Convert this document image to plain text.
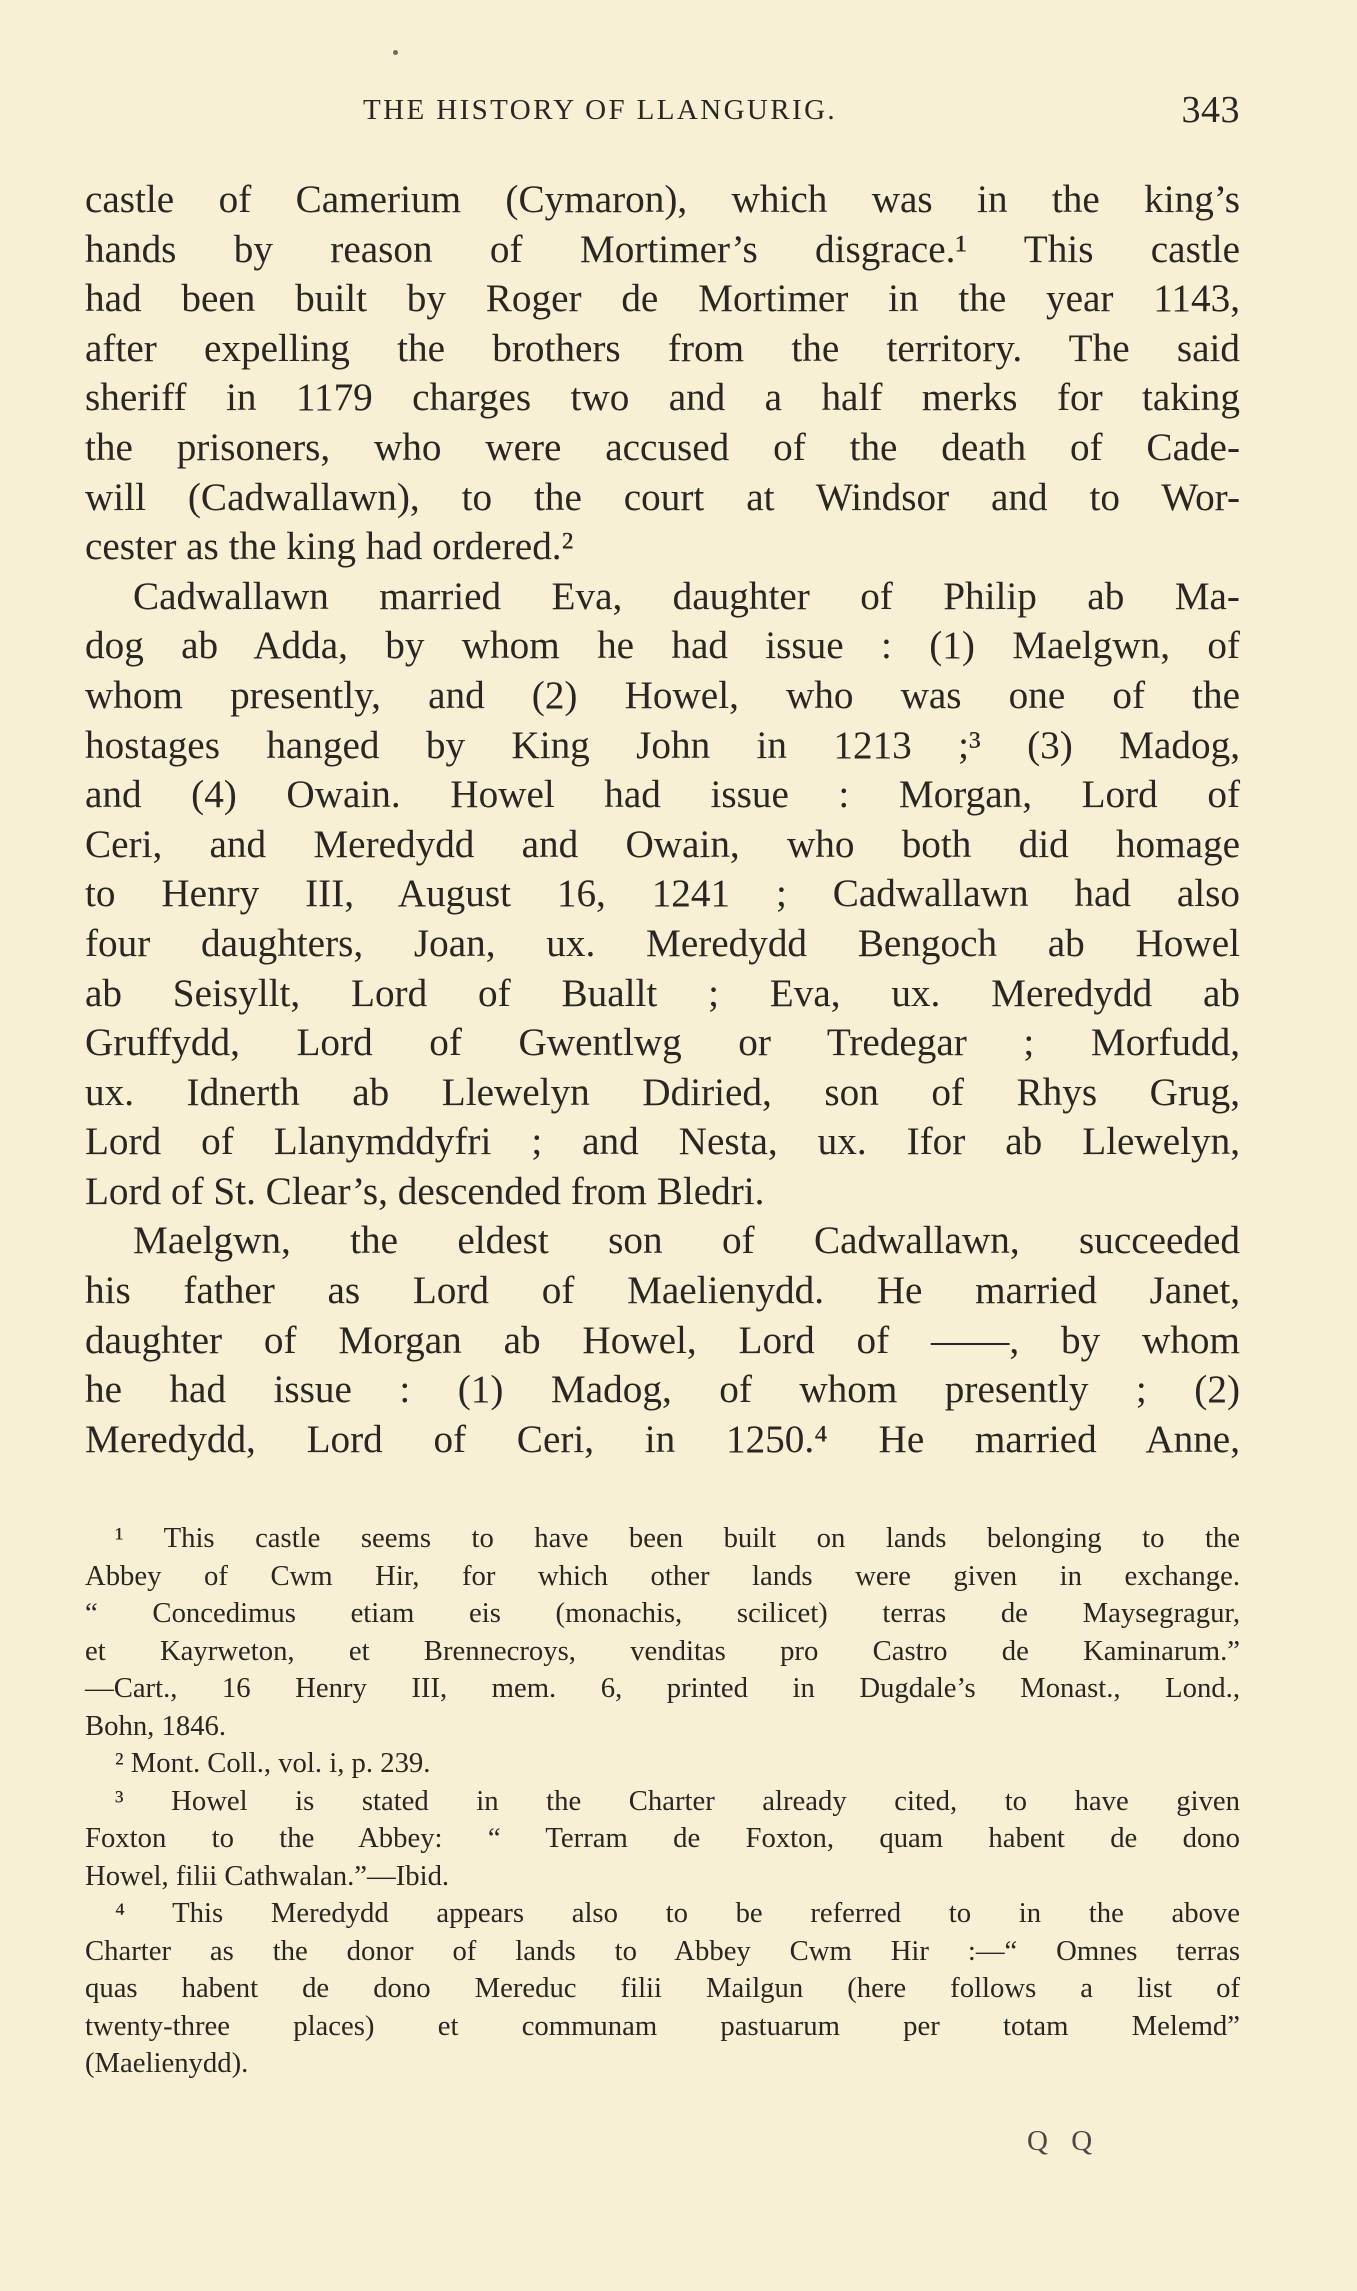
THE HISTORY OF LLANGURIG.	343
castle of Camerium (Cymaron), which was in the king’s
hands by reason of Mortimer’s disgrace.¹ This castle
had been built by Roger de Mortimer in the year 1143,
after expelling the brothers from the territory. The said
sheriff in 1179 charges two and a half merks for taking
the prisoners, who were accused of the death of Cade-
will (Cadwallawn), to the court at Windsor and to Wor-
cester as the king had ordered.²
Cadwallawn married Eva, daughter of Philip ab Ma-
dog ab Adda, by whom he had issue : (1) Maelgwn, of
whom presently, and (2) Howel, who was one of the
hostages hanged by King John in 1213 ;³ (3) Madog,
and (4) Owain. Howel had issue : Morgan, Lord of
Ceri, and Meredydd and Owain, who both did homage
to Henry III, August 16, 1241 ; Cadwallawn had also
four daughters, Joan, ux. Meredydd Bengoch ab Howel
ab Seisyllt, Lord of Buallt ; Eva, ux. Meredydd ab
Gruffydd, Lord of Gwentlwg or Tredegar ; Morfudd,
ux. Idnerth ab Llewelyn Ddiried, son of Rhys Grug,
Lord of Llanymddyfri ; and Nesta, ux. Ifor ab Llewelyn,
Lord of St. Clear’s, descended from Bledri.
Maelgwn, the eldest son of Cadwallawn, succeeded
his father as Lord of Maelienydd. He married Janet,
daughter of Morgan ab Howel, Lord of ——, by whom
he had issue : (1) Madog, of whom presently ; (2)
Meredydd, Lord of Ceri, in 1250.⁴ He married Anne,
¹ This castle seems to have been built on lands belonging to the
Abbey of Cwm Hir, for which other lands were given in exchange.
“ Concedimus etiam eis (monachis, scilicet) terras de Maysegragur,
et Kayrweton, et Brennecroys, venditas pro Castro de Kaminarum.”
—Cart., 16 Henry III, mem. 6, printed in Dugdale’s Monast., Lond.,
Bohn, 1846.
² Mont. Coll., vol. i, p. 239.
³ Howel is stated in the Charter already cited, to have given
Foxton to the Abbey: “ Terram de Foxton, quam habent de dono
Howel, filii Cathwalan.”—Ibid.
⁴ This Meredydd appears also to be referred to in the above
Charter as the donor of lands to Abbey Cwm Hir :—“ Omnes terras
quas habent de dono Mereduc filii Mailgun (here follows a list of
twenty-three places) et communam pastuarum per totam Melemd”
(Maelienydd).
Q Q
